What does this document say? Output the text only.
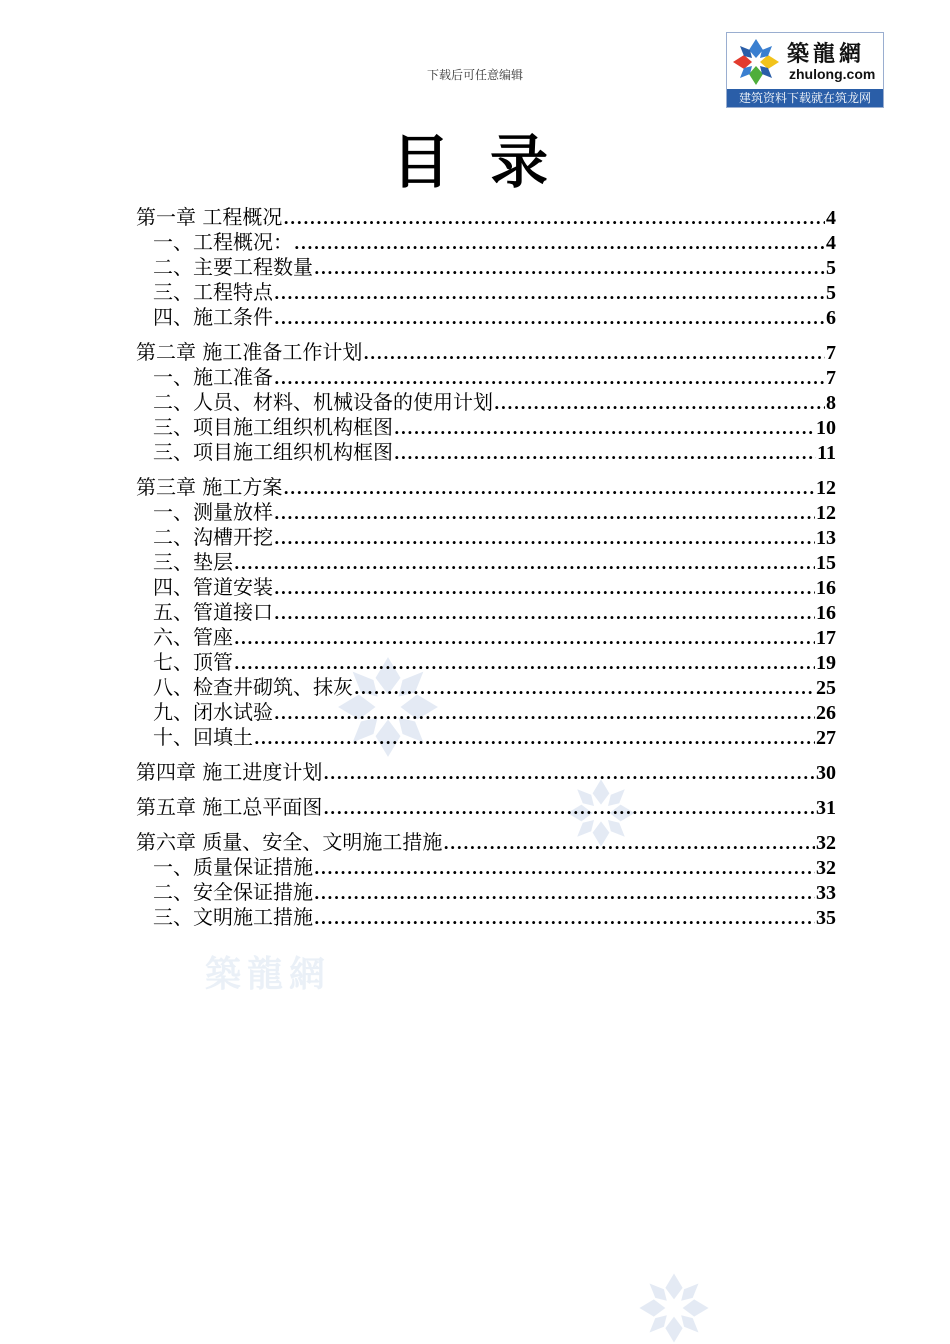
築龍網
下载后可任意编辑
築龍網
zhulong.com
建筑资料下载就在筑龙网
目录
第一章 工程概况 .....	4
一、工程概况： .....	4
二、主要工程数量 .....	5
三、工程特点 .....	5
四、施工条件 .....	6
第二章 施工准备工作计划 .....	7
一、施工准备 .....	7
二、人员、材料、机械设备的使用计划 .....	8
三、项目施工组织机构框图 .....	10
三、项目施工组织机构框图 .....	11
第三章 施工方案 .....	12
一、测量放样 .....	12
二、沟槽开挖 .....	13
三、垫层 .....	15
四、管道安装 .....	16
五、管道接口 .....	16
六、管座 .....	17
七、顶管 .....	19
八、检查井砌筑、抹灰 .....	25
九、闭水试验 .....	26
十、回填土 .....	27
第四章 施工进度计划 .....	30
第五章 施工总平面图 .....	31
第六章 质量、安全、文明施工措施 .....	32
一、质量保证措施 .....	32
二、安全保证措施 .....	33
三、文明施工措施 .....	35
